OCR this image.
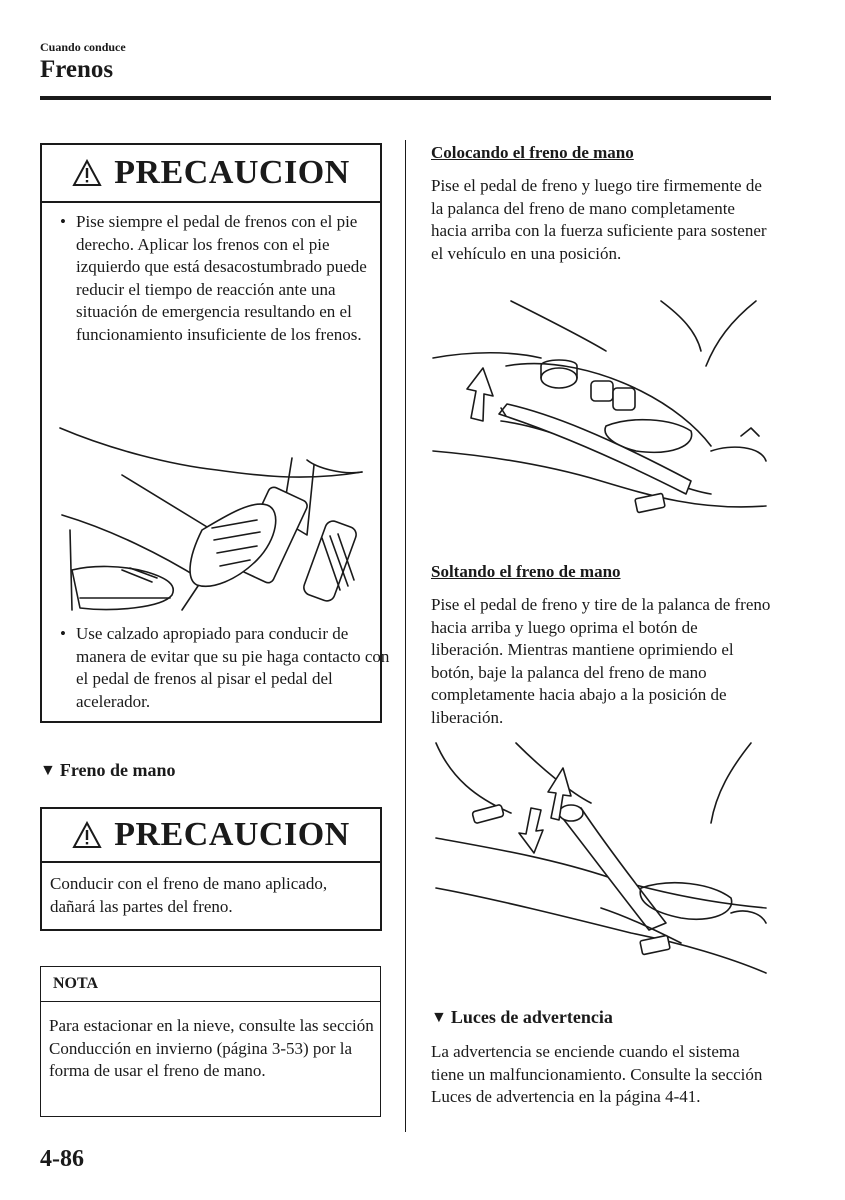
Cuando conduce
Frenos
PRECAUCION
• Pise siempre el pedal de frenos con el pie derecho. Aplicar los frenos con el pie izquierdo que está desacostumbrado puede reducir el tiempo de reacción ante una situación de emergencia resultando en el funcionamiento insuficiente de los frenos.
• Use calzado apropiado para conducir de manera de evitar que su pie haga contacto con el pedal de frenos al pisar el pedal del acelerador.
▼ Freno de mano
PRECAUCION
Conducir con el freno de mano aplicado, dañará las partes del freno.
NOTA
Para estacionar en la nieve, consulte las sección Conducción en invierno (página 3-53) por la forma de usar el freno de mano.
Colocando el freno de mano
Pise el pedal de freno y luego tire firmemente de la palanca del freno de mano completamente hacia arriba con la fuerza suficiente para sostener el vehículo en una posición.
Soltando el freno de mano
Pise el pedal de freno y tire de la palanca de freno hacia arriba y luego oprima el botón de liberación. Mientras mantiene oprimiendo el botón, baje la palanca del freno de mano completamente hacia abajo a la posición de liberación.
▼ Luces de advertencia
La advertencia se enciende cuando el sistema tiene un malfuncionamiento. Consulte la sección Luces de advertencia en la página 4-41.
4-86
